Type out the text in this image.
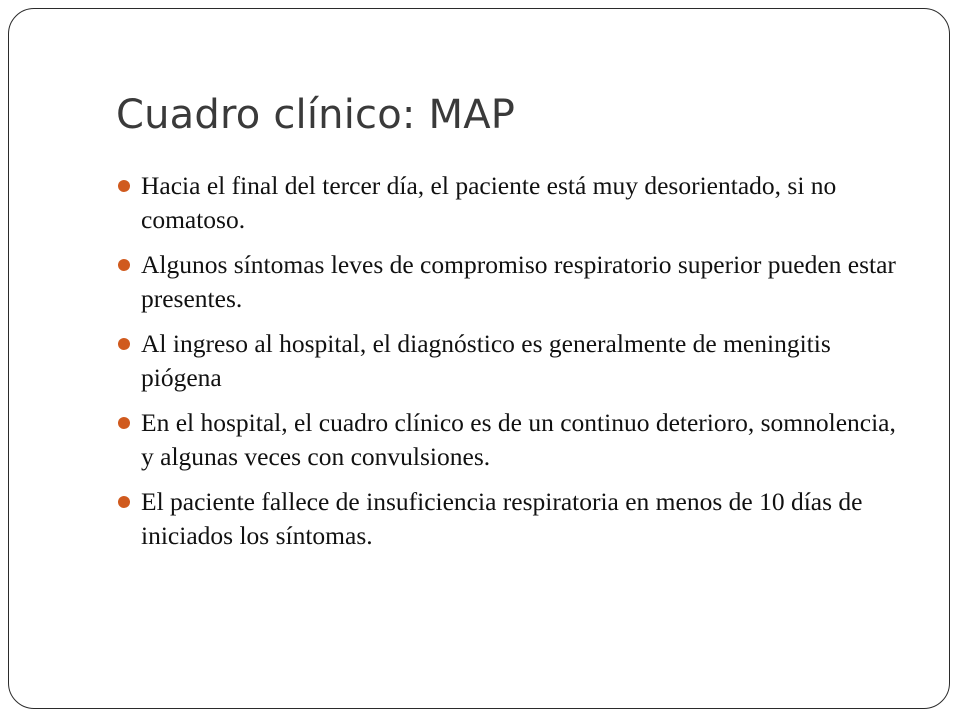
Cuadro clínico: MAP
Hacia el final del tercer día, el paciente está muy desorientado, si no comatoso.
Algunos síntomas leves de compromiso respiratorio superior pueden estar presentes.
Al ingreso al hospital, el diagnóstico es generalmente de meningitis piógena
En el hospital, el cuadro clínico es de un continuo deterioro, somnolencia, y algunas veces con convulsiones.
El paciente fallece de insuficiencia respiratoria en menos de 10 días de iniciados los síntomas.
